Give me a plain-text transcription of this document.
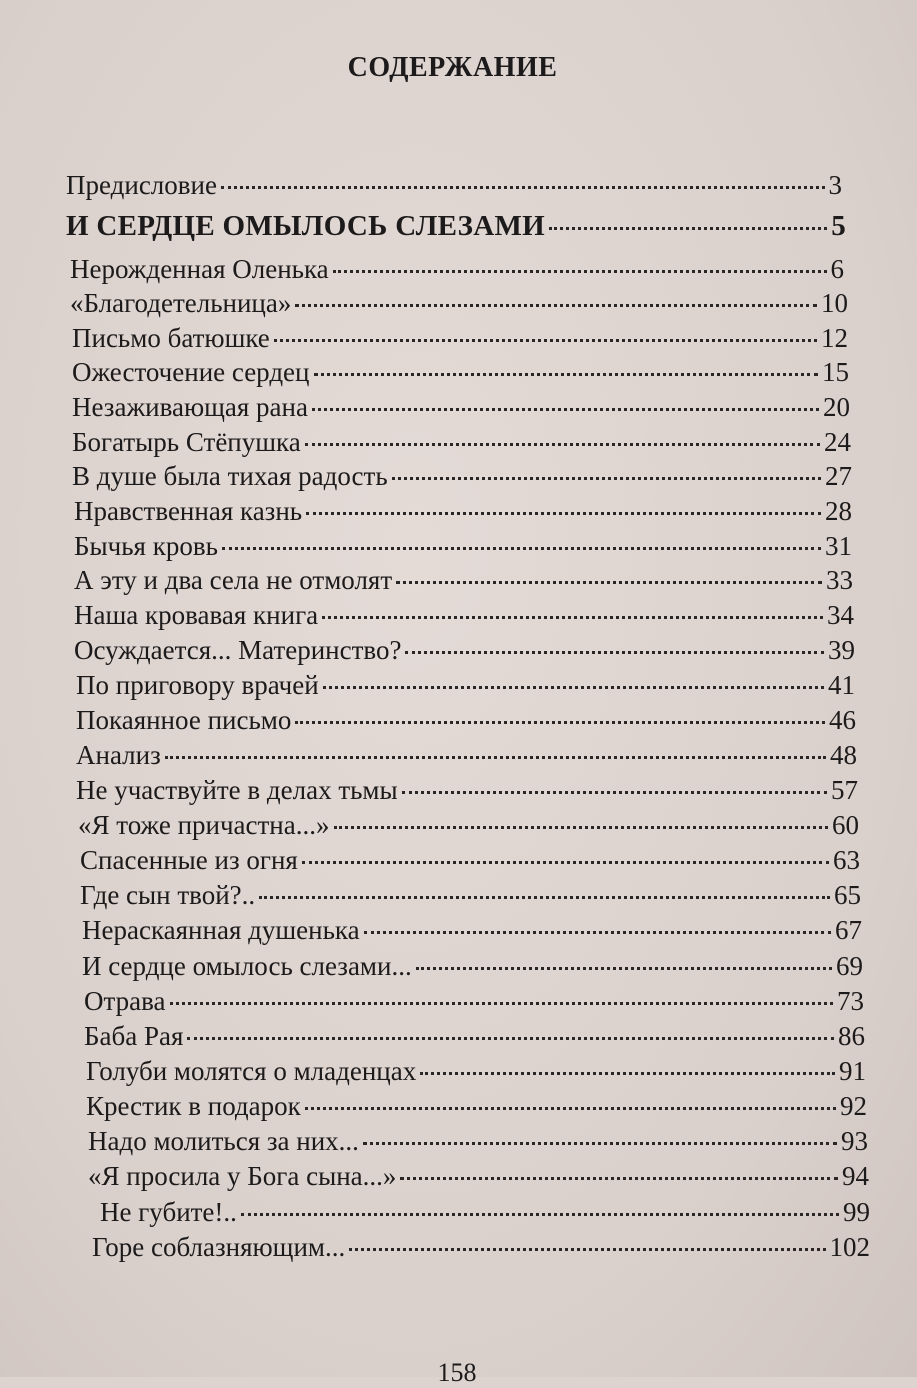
СОДЕРЖАНИЕ
Предисловие	3
И СЕРДЦЕ ОМЫЛОСЬ СЛЕЗАМИ	5
Нерожденная Оленька	6
«Благодетельница»	10
Письмо батюшке	12
Ожесточение сердец	15
Незаживающая рана	20
Богатырь Стёпушка	24
В душе была тихая радость	27
Нравственная казнь	28
Бычья кровь	31
А эту и два села не отмолят	33
Наша кровавая книга	34
Осуждается... Материнство?	39
По приговору врачей	41
Покаянное письмо	46
Анализ	48
Не участвуйте в делах тьмы	57
«Я тоже причастна...»	60
Спасенные из огня	63
Где сын твой?..	65
Нераскаянная душенька	67
И сердце омылось слезами...	69
Отрава	73
Баба Рая	86
Голуби молятся о младенцах	91
Крестик в подарок	92
Надо молиться за них...	93
«Я просила у Бога сына...»	94
Не губите!..	99
Горе соблазняющим...	102
158
